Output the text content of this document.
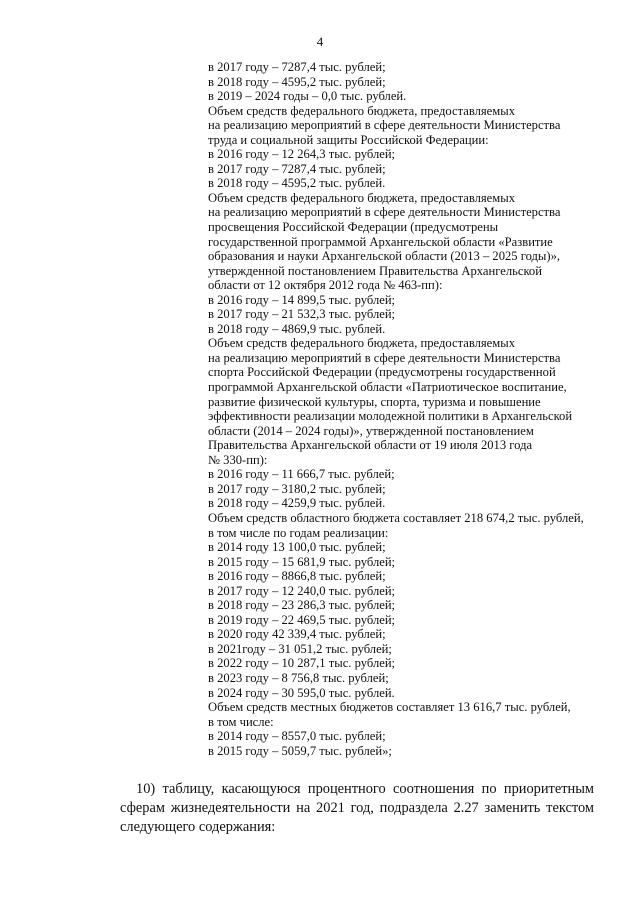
4
в 2017 году – 7287,4 тыс. рублей;
в 2018 году – 4595,2 тыс. рублей;
в 2019 – 2024 годы – 0,0 тыс. рублей.
Объем средств федерального бюджета, предоставляемых
на реализацию мероприятий в сфере деятельности Министерства
труда и социальной защиты Российской Федерации:
в 2016 году – 12 264,3 тыс. рублей;
в 2017 году – 7287,4 тыс. рублей;
в 2018 году – 4595,2 тыс. рублей.
Объем средств федерального бюджета, предоставляемых
на реализацию мероприятий в сфере деятельности Министерства
просвещения Российской Федерации (предусмотрены
государственной программой Архангельской области «Развитие
образования и науки Архангельской области (2013 – 2025 годы)»,
утвержденной постановлением Правительства Архангельской
области от 12 октября 2012 года № 463-пп):
в 2016 году – 14 899,5 тыс. рублей;
в 2017 году – 21 532,3 тыс. рублей;
в 2018 году – 4869,9 тыс. рублей.
Объем средств федерального бюджета, предоставляемых
на реализацию мероприятий в сфере деятельности Министерства
спорта Российской Федерации (предусмотрены государственной
программой Архангельской области «Патриотическое воспитание,
развитие физической культуры, спорта, туризма и повышение
эффективности реализации молодежной политики в Архангельской
области (2014 – 2024 годы)», утвержденной постановлением
Правительства Архангельской области от 19 июля 2013 года
№ 330-пп):
в 2016 году – 11 666,7 тыс. рублей;
в 2017 году – 3180,2 тыс. рублей;
в 2018 году – 4259,9 тыс. рублей.
Объем средств областного бюджета составляет 218 674,2 тыс. рублей,
в том числе по годам реализации:
в 2014 году 13 100,0 тыс. рублей;
в 2015 году – 15 681,9 тыс. рублей;
в 2016 году – 8866,8 тыс. рублей;
в 2017 году – 12 240,0 тыс. рублей;
в 2018 году – 23 286,3 тыс. рублей;
в 2019 году – 22 469,5 тыс. рублей;
в 2020 году 42 339,4 тыс. рублей;
в 2021году – 31 051,2 тыс. рублей;
в 2022 году – 10 287,1 тыс. рублей;
в 2023 году – 8 756,8 тыс. рублей;
в 2024 году – 30 595,0 тыс. рублей.
Объем средств местных бюджетов составляет 13 616,7 тыс. рублей,
в том числе:
в 2014 году – 8557,0 тыс. рублей;
в 2015 году – 5059,7 тыс. рублей»;
10) таблицу, касающуюся процентного соотношения по приоритетным
сферам жизнедеятельности на 2021 год, подраздела 2.27 заменить текстом
следующего содержания:
